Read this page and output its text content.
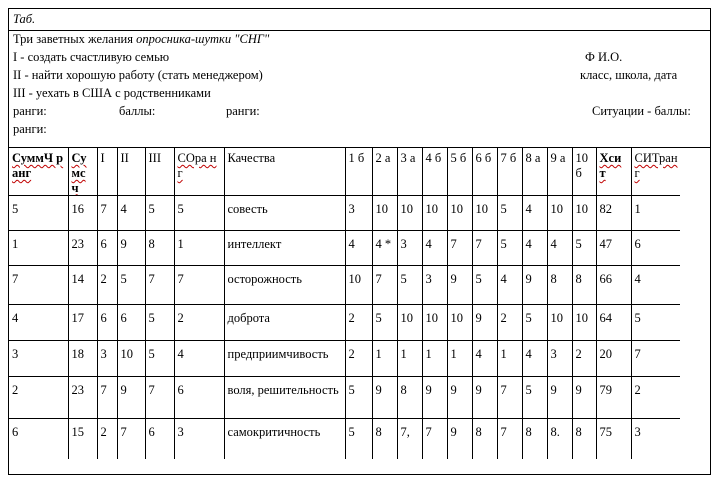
Таб.
Три заветных желания опросника-шутки "СНГ"
I - создать счастливую семью
II - найти хорошую работу (стать менеджером)
III - уехать в США с родственниками
Ф И.О.
класс, школа, дата
ранги:	баллы:	ранги:	Ситуации - баллы:
ранги:
СуммЧ ранг	Су мс ч	I	II	III	СОра нг	Качества	1 б	2 а	3 а	4 б	5 б	6 б	7 б	8 а	9 а	10 б	Хси т	СИТран г
5	16	7	4	5	5	совесть	3	10	10	10	10	10	5	4	10	10	82	1
1	23	6	9	8	1	интеллект	4	4 *	3	4	7	7	5	4	4	5	47	6
7	14	2	5	7	7	осторожность	10	7	5	3	9	5	4	9	8	8	66	4
4	17	6	6	5	2	доброта	2	5	10	10	10	9	2	5	10	10	64	5
3	18	3	10	5	4	предприимчивость	2	1	1	1	1	4	1	4	3	2	20	7
2	23	7	9	7	6	воля, решительность	5	9	8	9	9	9	7	5	9	9	79	2
6	15	2	7	6	3	самокритичность	5	8	7,	7	9	8	7	8	8.	8	75	3
